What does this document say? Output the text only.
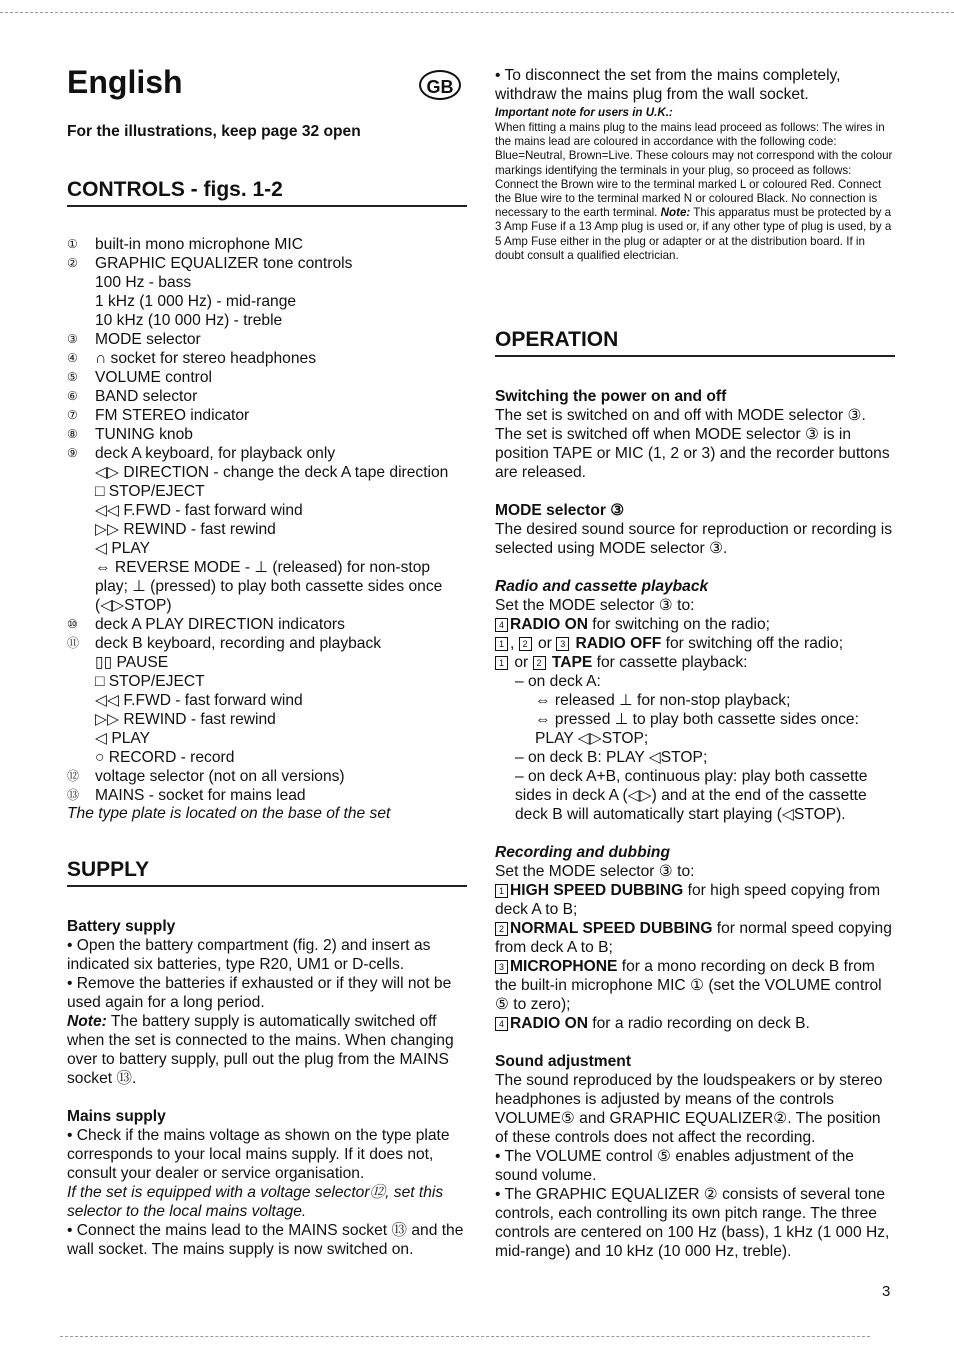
English	GB
For the illustrations, keep page 32 open
CONTROLS - figs. 1-2
①	built-in mono microphone MIC
②	GRAPHIC EQUALIZER tone controls
100 Hz - bass
1 kHz (1 000 Hz) - mid-range
10 kHz (10 000 Hz) - treble
③	MODE selector
④	∩ socket for stereo headphones
⑤	VOLUME control
⑥	BAND selector
⑦	FM STEREO indicator
⑧	TUNING knob
⑨	deck A keyboard, for playback only
◁▷ DIRECTION - change the deck A tape direction
□ STOP/EJECT
◁◁ F.FWD - fast forward wind
▷▷ REWIND - fast rewind
◁ PLAY
⇔ REVERSE MODE - ⊥ (released) for non-stop
play; ⊥ (pressed) to play both cassette sides once
(◁▷STOP)
⑩	deck A PLAY DIRECTION indicators
⑪	deck B keyboard, recording and playback
▯▯ PAUSE
□ STOP/EJECT
◁◁ F.FWD - fast forward wind
▷▷ REWIND - fast rewind
◁ PLAY
○ RECORD - record
⑫	voltage selector (not on all versions)
⑬	MAINS - socket for mains lead
The type plate is located on the base of the set
SUPPLY
Battery supply
• Open the battery compartment (fig. 2) and insert as indicated six batteries, type R20, UM1 or D-cells.
• Remove the batteries if exhausted or if they will not be used again for a long period.
Note: The battery supply is automatically switched off when the set is connected to the mains. When changing over to battery supply, pull out the plug from the MAINS socket ⑬.
Mains supply
• Check if the mains voltage as shown on the type plate corresponds to your local mains supply. If it does not, consult your dealer or service organisation.
If the set is equipped with a voltage selector⑫, set this selector to the local mains voltage.
• Connect the mains lead to the MAINS socket ⑬ and the wall socket. The mains supply is now switched on.
• To disconnect the set from the mains completely, withdraw the mains plug from the wall socket.
Important note for users in U.K.:
When fitting a mains plug to the mains lead proceed as follows: The wires in the mains lead are coloured in accordance with the following code: Blue=Neutral, Brown=Live. These colours may not correspond with the colour markings identifying the terminals in your plug, so proceed as follows: Connect the Brown wire to the terminal marked L or coloured Red. Connect the Blue wire to the terminal marked N or coloured Black. No connection is necessary to the earth terminal. Note: This apparatus must be protected by a 3 Amp Fuse if a 13 Amp plug is used or, if any other type of plug is used, by a 5 Amp Fuse either in the plug or adapter or at the distribution board. If in doubt consult a qualified electrician.
OPERATION
Switching the power on and off
The set is switched on and off with MODE selector ③. The set is switched off when MODE selector ③ is in position TAPE or MIC (1, 2 or 3) and the recorder buttons are released.
MODE selector ③
The desired sound source for reproduction or recording is selected using MODE selector ③.
Radio and cassette playback
Set the MODE selector ③ to:
4 RADIO ON for switching on the radio;
1 , 2 or 3 RADIO OFF for switching off the radio;
1 or 2 TAPE for cassette playback:
– on deck A:
⇔ released ⊥ for non-stop playback;
⇔ pressed ⊥ to play both cassette sides once: PLAY ◁▷STOP;
– on deck B: PLAY ◁STOP;
– on deck A+B, continuous play: play both cassette sides in deck A (◁▷) and at the end of the cassette deck B will automatically start playing (◁STOP).
Recording and dubbing
Set the MODE selector ③ to:
1 HIGH SPEED DUBBING for high speed copying from deck A to B;
2 NORMAL SPEED DUBBING for normal speed copying from deck A to B;
3 MICROPHONE for a mono recording on deck B from the built-in microphone MIC ① (set the VOLUME control ⑤ to zero);
4 RADIO ON for a radio recording on deck B.
Sound adjustment
The sound reproduced by the loudspeakers or by stereo headphones is adjusted by means of the controls VOLUME⑤ and GRAPHIC EQUALIZER②. The position of these controls does not affect the recording.
• The VOLUME control ⑤ enables adjustment of the sound volume.
• The GRAPHIC EQUALIZER ② consists of several tone controls, each controlling its own pitch range. The three controls are centered on 100 Hz (bass), 1 kHz (1 000 Hz, mid-range) and 10 kHz (10 000 Hz, treble).
3
